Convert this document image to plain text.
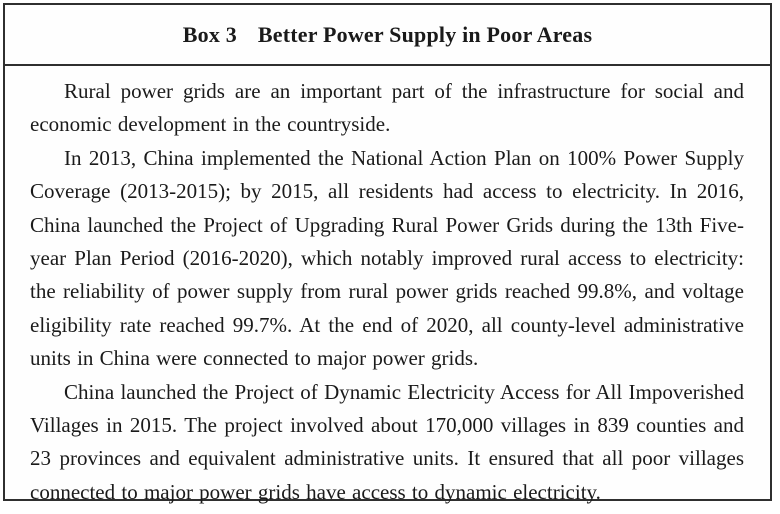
Box 3 Better Power Supply in Poor Areas

Rural power grids are an important part of the infrastructure for social and economic development in the countryside.

In 2013, China implemented the National Action Plan on 100% Power Supply Coverage (2013-2015); by 2015, all residents had access to electricity. In 2016, China launched the Project of Upgrading Rural Power Grids during the 13th Five-year Plan Period (2016-2020), which notably improved rural access to electricity: the reliability of power supply from rural power grids reached 99.8%, and voltage eligibility rate reached 99.7%. At the end of 2020, all county-level administrative units in China were connected to major power grids.

China launched the Project of Dynamic Electricity Access for All Impoverished Villages in 2015. The project involved about 170,000 villages in 839 counties and 23 provinces and equivalent administrative units. It ensured that all poor villages connected to major power grids have access to dynamic electricity.
